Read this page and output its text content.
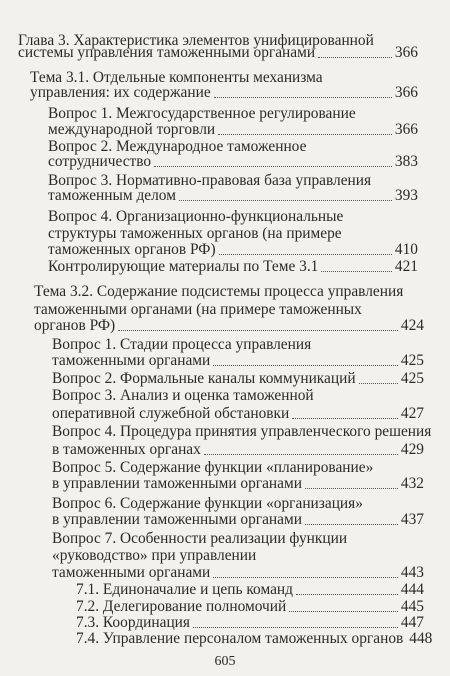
Глава 3. Характеристика элементов унифицированной
системы управления таможенными органами	366
Тема 3.1. Отдельные компоненты механизма
управления: их содержание	366
Вопрос 1. Межгосударственное регулирование
международной торговли	366
Вопрос 2. Международное таможенное
сотрудничество	383
Вопрос 3. Нормативно-правовая база управления
таможенным делом	393
Вопрос 4. Организационно-функциональные
структуры таможенных органов (на примере
таможенных органов РФ)	410
Контролирующие материалы по Теме 3.1	421
Тема 3.2. Содержание подсистемы процесса управления
таможенными органами (на примере таможенных
органов РФ)	424
Вопрос 1. Стадии процесса управления
таможенными органами	425
Вопрос 2. Формальные каналы коммуникаций	425
Вопрос 3. Анализ и оценка таможенной
оперативной служебной обстановки	427
Вопрос 4. Процедура принятия управленческого решения
в таможенных органах	429
Вопрос 5. Содержание функции «планирование»
в управлении таможенными органами	432
Вопрос 6. Содержание функции «организация»
в управлении таможенными органами	437
Вопрос 7. Особенности реализации функции
«руководство» при управлении
таможенными органами	443
7.1. Единоначалие и цепь команд	444
7.2. Делегирование полномочий	445
7.3. Координация	447
7.4. Управление персоналом таможенных органов 448
605
